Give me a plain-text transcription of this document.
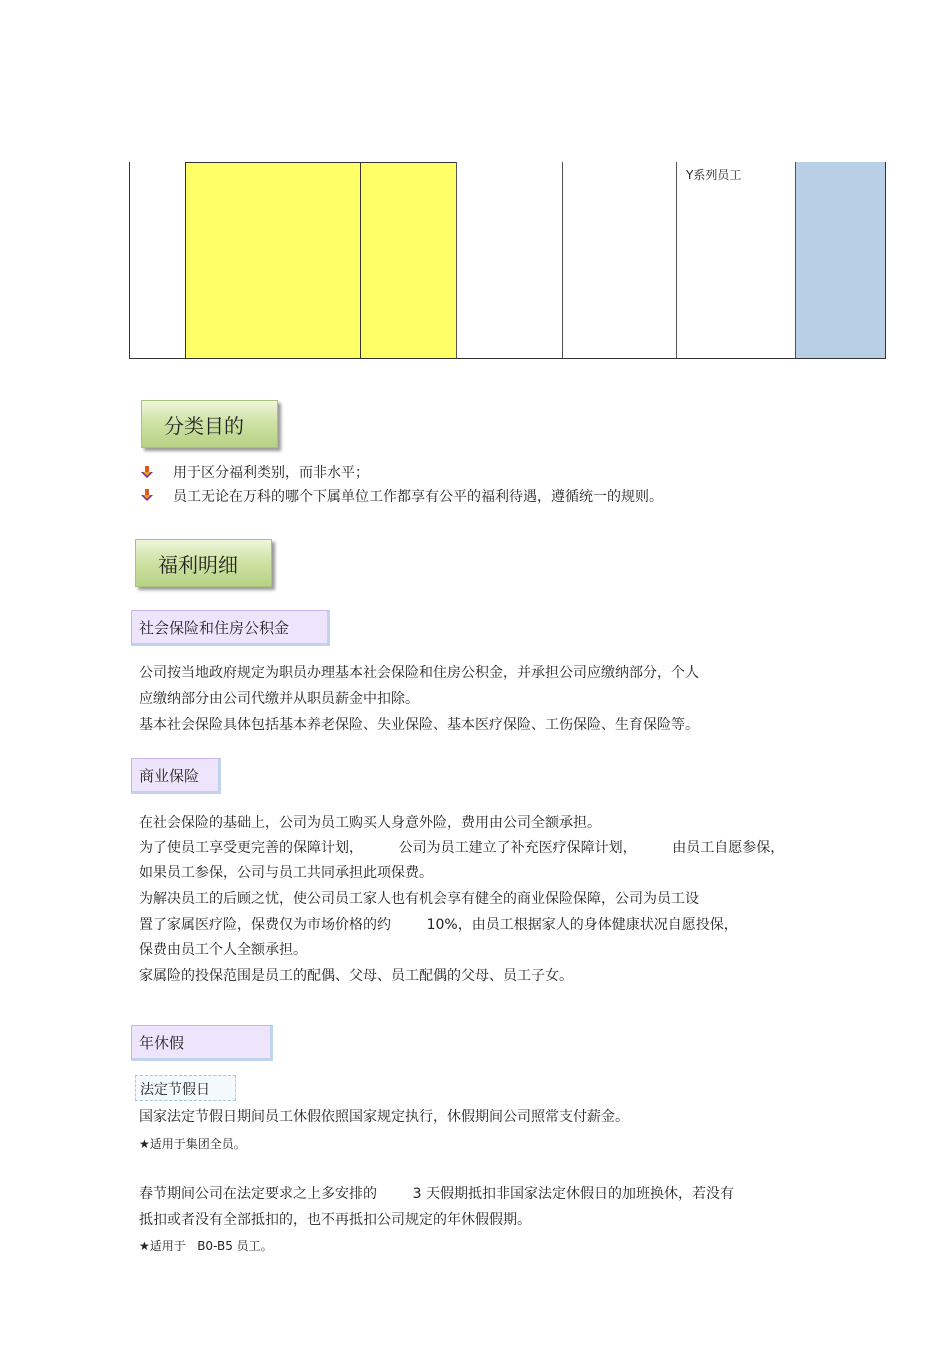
Y系列员工
分类目的
用于区分福利类别，而非水平；
员工无论在万科的哪个下属单位工作都享有公平的福利待遇，遵循统一的规则。
福利明细
社会保险和住房公积金
公司按当地政府规定为职员办理基本社会保险和住房公积金，并承担公司应缴纳部分，个人
应缴纳部分由公司代缴并从职员薪金中扣除。
基本社会保险具体包括基本养老保险、失业保险、基本医疗保险、工伤保险、生育保险等。
商业保险
在社会保险的基础上，公司为员工购买人身意外险，费用由公司全额承担。
为了使员工享受更完善的保障计划，        公司为员工建立了补充医疗保障计划，        由员工自愿参保，
如果员工参保，公司与员工共同承担此项保费。
为解决员工的后顾之忧，使公司员工家人也有机会享有健全的商业保险保障，公司为员工设
置了家属医疗险，保费仅为市场价格的约        10%，由员工根据家人的身体健康状况自愿投保，
保费由员工个人全额承担。
家属险的投保范围是员工的配偶、父母、员工配偶的父母、员工子女。
年休假
法定节假日
国家法定节假日期间员工休假依照国家规定执行，休假期间公司照常支付薪金。
★适用于集团全员。
春节期间公司在法定要求之上多安排的        3 天假期抵扣非国家法定休假日的加班换休，若没有
抵扣或者没有全部抵扣的，也不再抵扣公司规定的年休假假期。
★适用于   B0-B5 员工。
